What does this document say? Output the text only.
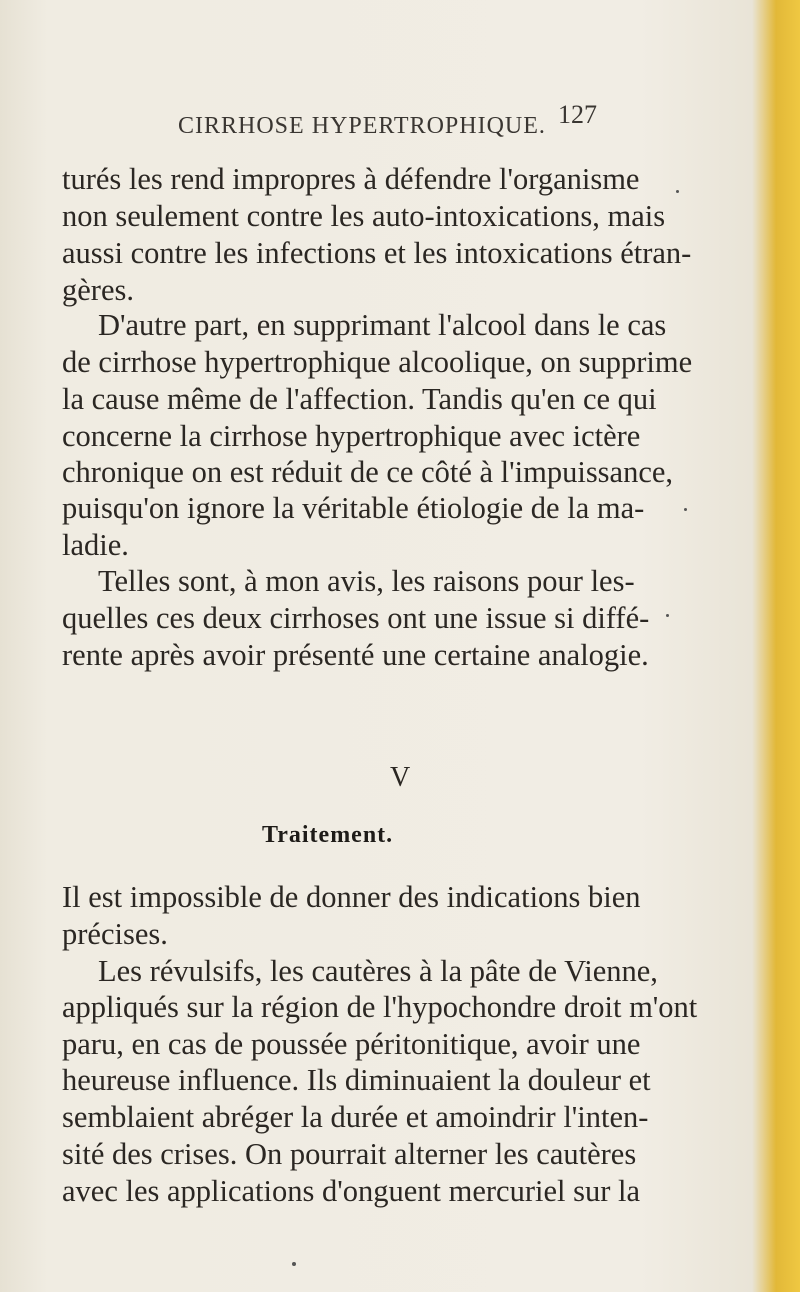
CIRRHOSE HYPERTROPHIQUE. 127
turés les rend impropres à défendre l'organisme
non seulement contre les auto-intoxications, mais
aussi contre les infections et les intoxications étran-
gères.
D'autre part, en supprimant l'alcool dans le cas
de cirrhose hypertrophique alcoolique, on supprime
la cause même de l'affection. Tandis qu'en ce qui
concerne la cirrhose hypertrophique avec ictère
chronique on est réduit de ce côté à l'impuissance,
puisqu'on ignore la véritable étiologie de la ma-
ladie.
Telles sont, à mon avis, les raisons pour les-
quelles ces deux cirrhoses ont une issue si diffé-
rente après avoir présenté une certaine analogie.
V
Traitement.
Il est impossible de donner des indications bien
précises.
Les révulsifs, les cautères à la pâte de Vienne,
appliqués sur la région de l'hypochondre droit m'ont
paru, en cas de poussée péritonitique, avoir une
heureuse influence. Ils diminuaient la douleur et
semblaient abréger la durée et amoindrir l'inten-
sité des crises. On pourrait alterner les cautères
avec les applications d'onguent mercuriel sur la
